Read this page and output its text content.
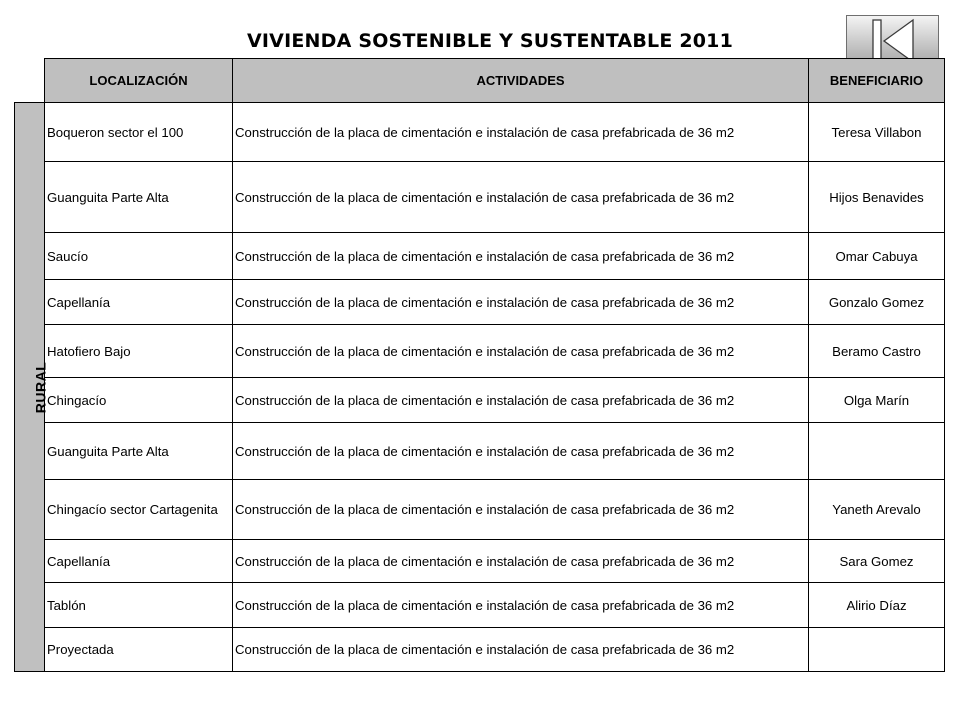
VIVIENDA SOSTENIBLE Y SUSTENTABLE 2011
	LOCALIZACIÓN	ACTIVIDADES	BENEFICIARIO
RURAL	Boqueron sector el 100	Construcción de la placa de cimentación e instalación de casa prefabricada de 36 m2	Teresa Villabon
	Guanguita Parte Alta	Construcción de la placa de cimentación e instalación de casa prefabricada de 36 m2	Hijos Benavides
	Saucío	Construcción de la placa de cimentación e instalación de casa prefabricada de 36 m2	Omar Cabuya
	Capellanía	Construcción de la placa de cimentación e instalación de casa prefabricada de 36 m2	Gonzalo Gomez
	Hatofiero Bajo	Construcción de la placa de cimentación e instalación de casa prefabricada de 36 m2	Beramo Castro
	Chingacío	Construcción de la placa de cimentación e instalación de casa prefabricada de 36 m2	Olga Marín
	Guanguita Parte Alta	Construcción de la placa de cimentación e instalación de casa prefabricada de 36 m2	
	Chingacío sector Cartagenita	Construcción de la placa de cimentación e instalación de casa prefabricada de 36 m2	Yaneth Arevalo
	Capellanía	Construcción de la placa de cimentación e instalación de casa prefabricada de 36 m2	Sara Gomez
	Tablón	Construcción de la placa de cimentación e instalación de casa prefabricada de 36 m2	Alirio Díaz
	Proyectada	Construcción de la placa de cimentación e instalación de casa prefabricada de 36 m2	
